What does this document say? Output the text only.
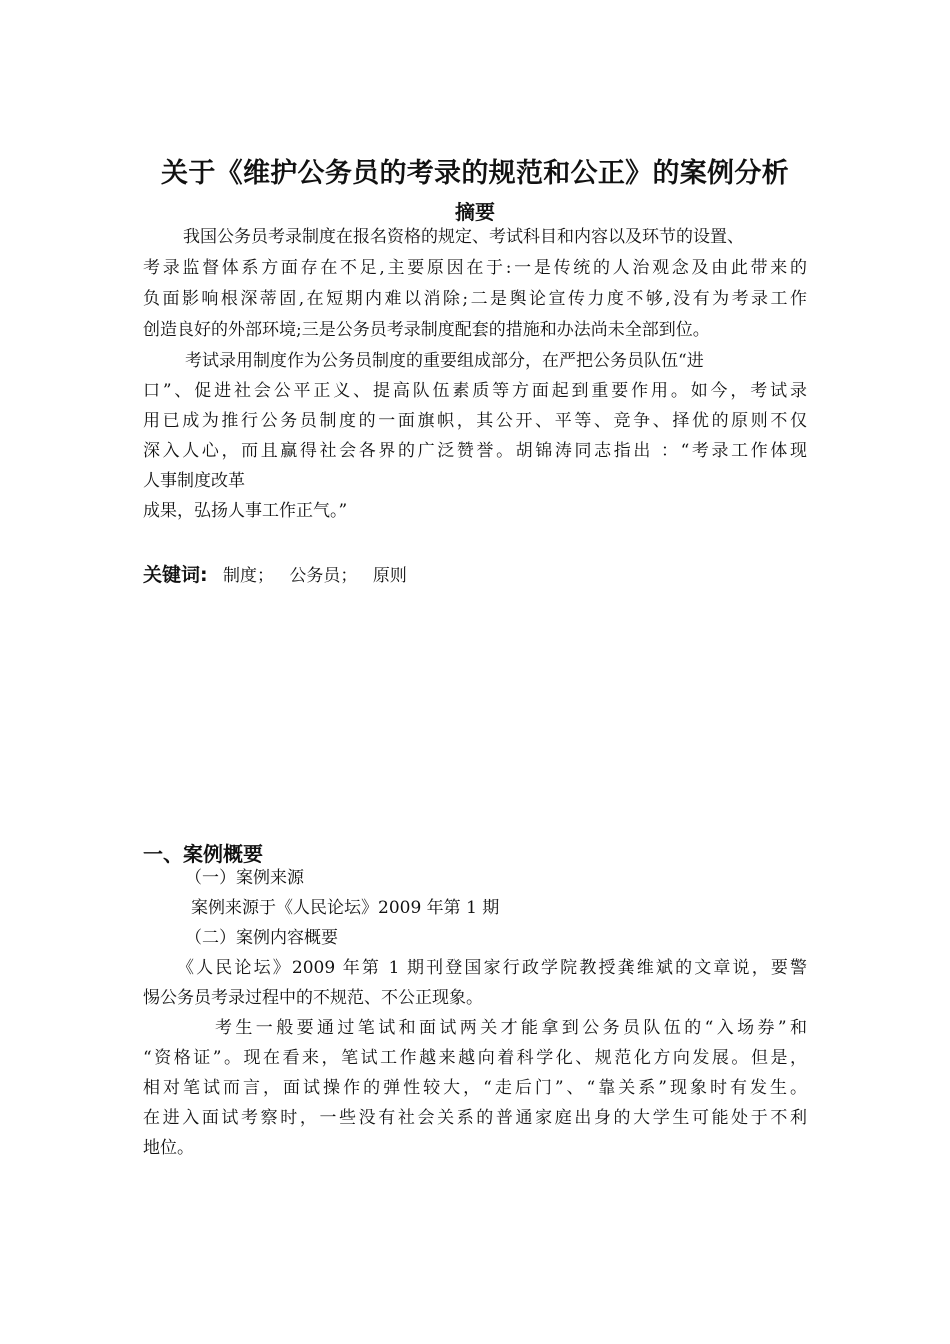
关于《维护公务员的考录的规范和公正》的案例分析
摘要
我国公务员考录制度在报名资格的规定、考试科目和内容以及环节的设置、
考录监督体系方面存在不足,主要原因在于:一是传统的人治观念及由此带来的
负面影响根深蒂固,在短期内难以消除;二是舆论宣传力度不够,没有为考录工作
创造良好的外部环境;三是公务员考录制度配套的措施和办法尚未全部到位。
考试录用制度作为公务员制度的重要组成部分，在严把公务员队伍“进
口”、促进社会公平正义、提高队伍素质等方面起到重要作用。如今，考试录
用已成为推行公务员制度的一面旗帜，其公开、平等、竞争、择优的原则不仅
深入人心，而且赢得社会各界的广泛赞誉。胡锦涛同志指出 ：“考录工作体现
人事制度改革
成果，弘扬人事工作正气。”
关键词: 制度； 公务员； 原则
一、案例概要
（一）案例来源
案例来源于《人民论坛》2009 年第 1 期
（二）案例内容概要
《人民论坛》2009 年第 1 期刊登国家行政学院教授龚维斌的文章说，要警
惕公务员考录过程中的不规范、不公正现象。
考生一般要通过笔试和面试两关才能拿到公务员队伍的“入场券”和
“资格证”。现在看来，笔试工作越来越向着科学化、规范化方向发展。但是，
相对笔试而言，面试操作的弹性较大，“走后门”、“靠关系”现象时有发生。
在进入面试考察时，一些没有社会关系的普通家庭出身的大学生可能处于不利
地位。
